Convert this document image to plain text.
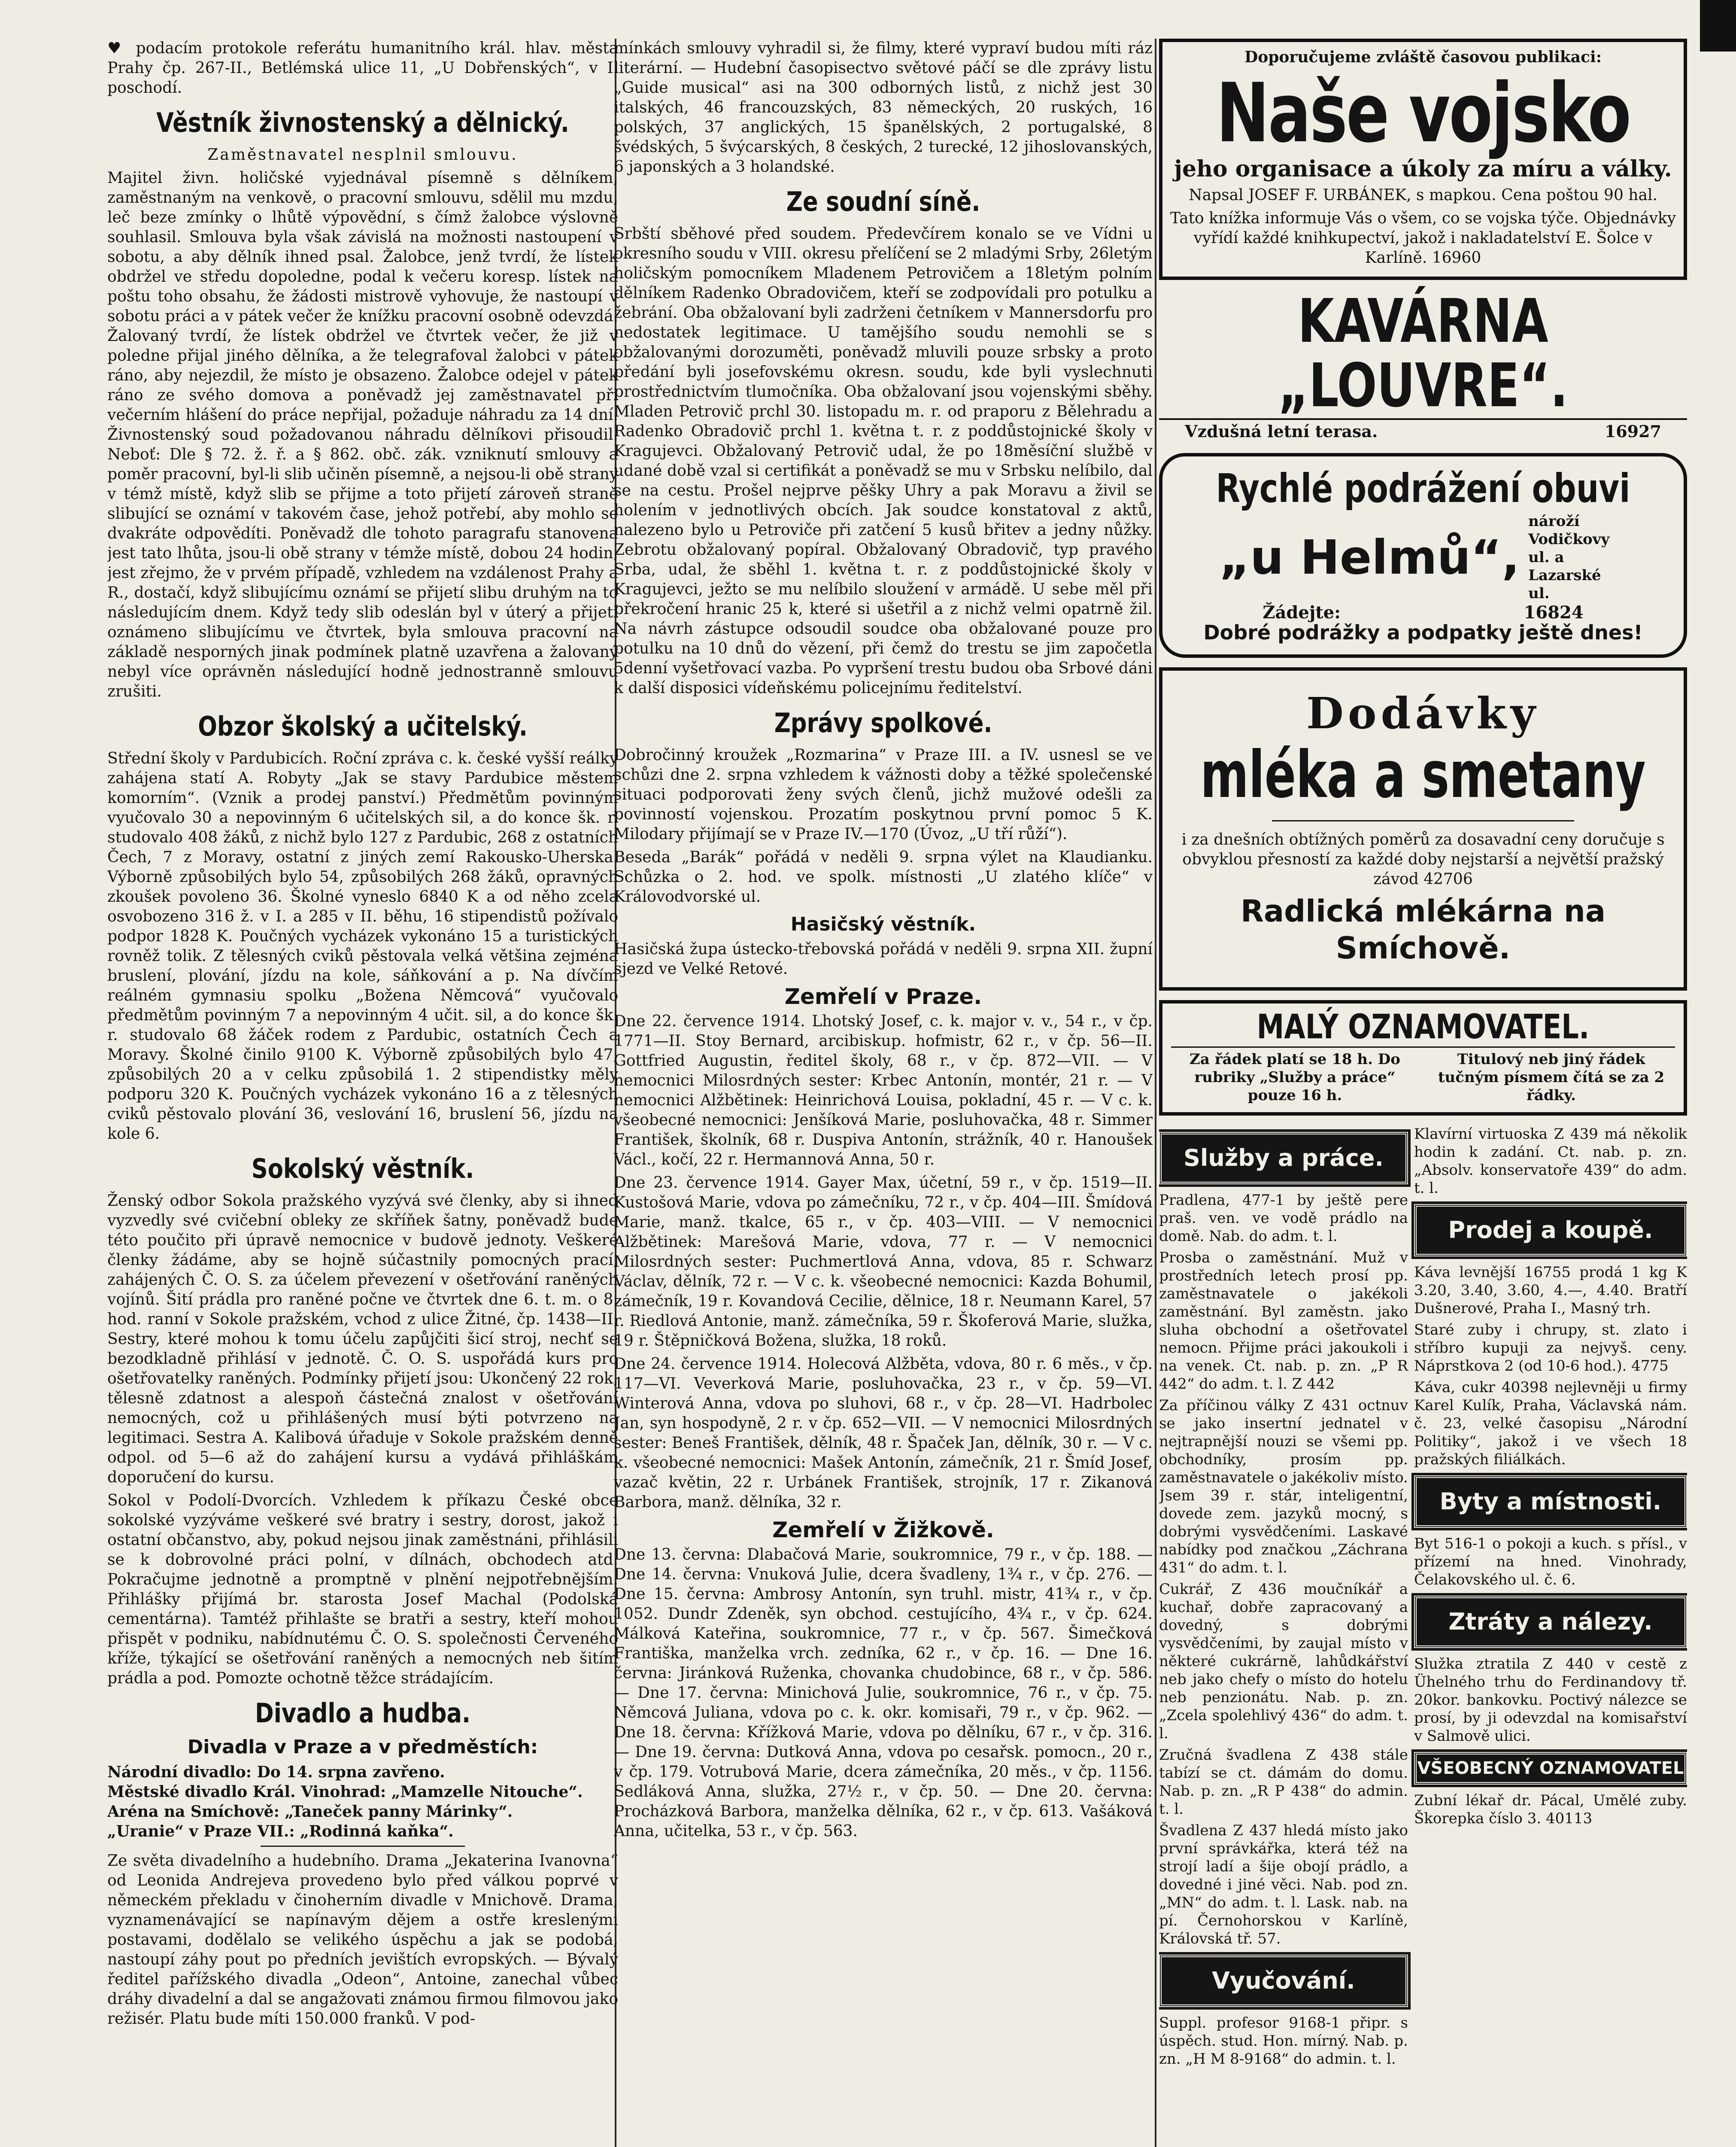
♥ podacím protokole referátu humanitního král. hlav. města Prahy čp. 267-II., Betlémská ulice 11, „U Dobřenských“, v I. poschodí.

Věstník živnostenský a dělnický.

Zaměstnavatel nesplnil smlouvu.

Majitel živn. holičské vyjednával písemně s dělníkem, zaměstnaným na venkově, o pracovní smlouvu, sdělil mu mzdu, leč beze zmínky o lhůtě výpovědní, s čímž žalobce výslovně souhlasil. Smlouva byla však závislá na možnosti nastoupení v sobotu, a aby dělník ihned psal. Žalobce, jenž tvrdí, že lístek obdržel ve středu dopoledne, podal k večeru koresp. lístek na poštu toho obsahu, že žádosti mistrově vyhovuje, že nastoupí v sobotu práci a v pátek večer že knížku pracovní osobně odevzdá. Žalovaný tvrdí, že lístek obdržel ve čtvrtek večer, že již v poledne přijal jiného dělníka, a že telegrafoval žalobci v pátek ráno, aby nejezdil, že místo je obsazeno. Žalobce odejel v pátek ráno ze svého domova a poněvadž jej zaměstnavatel při večerním hlášení do práce nepřijal, požaduje náhradu za 14 dní. Živnostenský soud požadovanou náhradu dělníkovi přisoudil. Neboť: Dle § 72. ž. ř. a § 862. obč. zák. vzniknutí smlouvy a poměr pracovní, byl-li slib učiněn písemně, a nejsou-li obě strany v témž místě, když slib se přijme a toto přijetí zároveň straně slibující se oznámí v takovém čase, jehož potřebí, aby mohlo se dvakráte odpovědíti. Poněvadž dle tohoto paragrafu stanovena jest tato lhůta, jsou-li obě strany v témže místě, dobou 24 hodin, jest zřejmo, že v prvém případě, vzhledem na vzdálenost Prahy a R., dostačí, když slibujícímu oznámí se přijetí slibu druhým na to následujícím dnem. Když tedy slib odeslán byl v úterý a přijetí oznámeno slibujícímu ve čtvrtek, byla smlouva pracovní na základě nesporných jinak podmínek platně uzavřena a žalovaný nebyl více oprávněn následující hodně jednostranně smlouvu zrušiti.

Obzor školský a učitelský.

Střední školy v Pardubicích. Roční zpráva c. k. české vyšší reálky zahájena statí A. Robyty „Jak se stavy Pardubice městem komorním“. (Vznik a prodej panství.) Předmětům povinným vyučovalo 30 a nepovinným 6 učitelských sil, a do konce šk. r. studovalo 408 žáků, z nichž bylo 127 z Pardubic, 268 z ostatních Čech, 7 z Moravy, ostatní z jiných zemí Rakousko-Uherska. Výborně způsobilých bylo 54, způsobilých 268 žáků, opravných zkoušek povoleno 36. Školné vyneslo 6840 K a od něho zcela osvobozeno 316 ž. v I. a 285 v II. běhu, 16 stipendistů požívalo podpor 1828 K. Poučných vycházek vykonáno 15 a turistických rovněž tolik. Z tělesných cviků pěstovala velká většina zejména bruslení, plování, jízdu na kole, sáňkování a p. Na dívčím reálném gymnasiu spolku „Božena Němcová“ vyučovalo předmětům povinným 7 a nepovinným 4 učit. sil, a do konce šk. r. studovalo 68 žáček rodem z Pardubic, ostatních Čech a Moravy. Školné činilo 9100 K. Výborně způsobilých bylo 47, způsobilých 20 a v celku způsobilá 1. 2 stipendistky měly podporu 320 K. Poučných vycházek vykonáno 16 a z tělesných cviků pěstovalo plování 36, veslování 16, bruslení 56, jízdu na kole 6.

Sokolský věstník.

Ženský odbor Sokola pražského vyzývá své členky, aby si ihned vyzvedly své cvičební obleky ze skříňek šatny, poněvadž bude této poučito při úpravě nemocnice v budově jednoty. Veškeré členky žádáme, aby se hojně súčastnily pomocných prací, zahájených Č. O. S. za účelem převezení v ošetřování raněných vojínů. Šití prádla pro raněné počne ve čtvrtek dne 6. t. m. o 8. hod. ranní v Sokole pražském, vchod z ulice Žitné, čp. 1438—II. Sestry, které mohou k tomu účelu zapůjčiti šicí stroj, nechť se bezodkladně přihlásí v jednotě. Č. O. S. uspořádá kurs pro ošetřovatelky raněných. Podmínky přijetí jsou: Ukončený 22 rok, tělesně zdatnost a alespoň částečná znalost v ošetřování nemocných, což u přihlášených musí býti potvrzeno na legitimaci. Sestra A. Kalibová úřaduje v Sokole pražském denně odpol. od 5—6 až do zahájení kursu a vydává přihláškám doporučení do kursu.

Sokol v Podolí-Dvorcích. Vzhledem k příkazu České obce sokolské vyzýváme veškeré své bratry i sestry, dorost, jakož i ostatní občanstvo, aby, pokud nejsou jinak zaměstnáni, přihlásili se k dobrovolné práci polní, v dílnách, obchodech atd. Pokračujme jednotně a promptně v plnění nejpotřebnějším. Přihlášky přijímá br. starosta Josef Machal (Podolská cementárna). Tamtéž přihlašte se bratři a sestry, kteří mohou přispět v podniku, nabídnutému Č. O. S. společnosti Červeného kříže, týkající se ošetřování raněných a nemocných neb šitím prádla a pod. Pomozte ochotně těžce strádajícím.

Divadlo a hudba.
Divadla v Praze a v předměstích:

Národní divadlo: Do 14. srpna zavřeno.

Městské divadlo Král. Vinohrad: „Mamzelle Nitouche“.

Aréna na Smíchově: „Taneček panny Márinky“.

„Uranie“ v Praze VII.: „Rodinná kaňka“.

Ze světa divadelního a hudebního. Drama „Jekaterina Ivanovna“ od Leonida Andrejeva provedeno bylo před válkou poprvé v německém překladu v činoherním divadle v Mnichově. Drama, vyznamenávající se napínavým dějem a ostře kreslenými postavami, dodělalo se velikého úspěchu a jak se podobá, nastoupí záhy pout po předních jevištích evropských. — Bývalý ředitel pařížského divadla „Odeon“, Antoine, zanechal vůbec dráhy divadelní a dal se angažovati známou firmou filmovou jako režisér. Platu bude míti 150.000 franků. V pod-

mínkách smlouvy vyhradil si, že filmy, které vypraví budou míti ráz literární. — Hudební časopisectvo světové páčí se dle zprávy listu „Guide musical“ asi na 300 odborných listů, z nichž jest 30 italských, 46 francouzských, 83 německých, 20 ruských, 16 polských, 37 anglických, 15 španělských, 2 portugalské, 8 švédských, 5 švýcarských, 8 českých, 2 turecké, 12 jihoslovanských, 6 japonských a 3 holandské.

Ze soudní síně.

Srbští sběhové před soudem. Předevčírem konalo se ve Vídni u okresního soudu v VIII. okresu přelíčení se 2 mladými Srby, 26letým holičským pomocníkem Mladenem Petrovičem a 18letým polním dělníkem Radenko Obradovičem, kteří se zodpovídali pro potulku a žebrání. Oba obžalovaní byli zadrženi četníkem v Mannersdorfu pro nedostatek legitimace. U tamějšího soudu nemohli se s obžalovanými dorozuměti, poněvadž mluvili pouze srbsky a proto předání byli josefovskému okresn. soudu, kde byli vyslechnuti prostřednictvím tlumočníka. Oba obžalovaní jsou vojenskými sběhy. Mladen Petrovič prchl 30. listopadu m. r. od praporu z Bělehradu a Radenko Obradovič prchl 1. května t. r. z poddůstojnické školy v Kragujevci. Obžalovaný Petrovič udal, že po 18měsíční službě v udané době vzal si certifikát a poněvadž se mu v Srbsku nelíbilo, dal se na cestu. Prošel nejprve pěšky Uhry a pak Moravu a živil se holením v jednotlivých obcích. Jak soudce konstatoval z aktů, nalezeno bylo u Petroviče při zatčení 5 kusů břitev a jedny nůžky. Zebrotu obžalovaný popíral. Obžalovaný Obradovič, typ pravého Srba, udal, že sběhl 1. května t. r. z poddůstojnické školy v Kragujevci, ježto se mu nelíbilo sloužení v armádě. U sebe měl při překročení hranic 25 k, které si ušetřil a z nichž velmi opatrně žil. Na návrh zástupce odsoudil soudce oba obžalované pouze pro potulku na 10 dnů do vězení, při čemž do trestu se jim započetla 5denní vyšetřovací vazba. Po vypršení trestu budou oba Srbové dáni k další disposici vídeňskému policejnímu ředitelství.

Zprávy spolkové.

Dobročinný kroužek „Rozmarina“ v Praze III. a IV. usnesl se ve schůzi dne 2. srpna vzhledem k vážnosti doby a těžké společenské situaci podporovati ženy svých členů, jichž mužové odešli za povinností vojenskou. Prozatím poskytnou první pomoc 5 K. Milodary přijímají se v Praze IV.—170 (Úvoz, „U tří růží“).

Beseda „Barák“ pořádá v neděli 9. srpna výlet na Klaudianku. Schůzka o 2. hod. ve spolk. místnosti „U zlatého klíče“ v Královodvorské ul.

Hasičský věstník.

Hasičská župa ústecko-třebovská pořádá v neděli 9. srpna XII. župní sjezd ve Velké Retové.

Zemřelí v Praze.

Dne 22. července 1914. Lhotský Josef, c. k. major v. v., 54 r., v čp. 1771—II. Stoy Bernard, arcibiskup. hofmistr, 62 r., v čp. 56—II. Gottfried Augustin, ředitel školy, 68 r., v čp. 872—VII. — V nemocnici Milosrdných sester: Krbec Antonín, montér, 21 r. — V nemocnici Alžbětinek: Heinrichová Louisa, pokladní, 45 r. — V c. k. všeobecné nemocnici: Jenšíková Marie, posluhovačka, 48 r. Simmer František, školník, 68 r. Duspiva Antonín, strážník, 40 r. Hanoušek Václ., kočí, 22 r. Hermannová Anna, 50 r.

Dne 23. července 1914. Gayer Max, účetní, 59 r., v čp. 1519—II. Kustošová Marie, vdova po zámečníku, 72 r., v čp. 404—III. Šmídová Marie, manž. tkalce, 65 r., v čp. 403—VIII. — V nemocnici Alžbětinek: Marešová Marie, vdova, 77 r. — V nemocnici Milosrdných sester: Puchmertlová Anna, vdova, 85 r. Schwarz Václav, dělník, 72 r. — V c. k. všeobecné nemocnici: Kazda Bohumil, zámečník, 19 r. Kovandová Cecilie, dělnice, 18 r. Neumann Karel, 57 r. Riedlová Antonie, manž. zámečníka, 59 r. Škoferová Marie, služka, 19 r. Štěpničková Božena, služka, 18 roků.

Dne 24. července 1914. Holecová Alžběta, vdova, 80 r. 6 měs., v čp. 117—VI. Veverková Marie, posluhovačka, 23 r., v čp. 59—VI. Winterová Anna, vdova po sluhovi, 68 r., v čp. 28—VI. Hadrbolec Jan, syn hospodyně, 2 r. v čp. 652—VII. — V nemocnici Milosrdných sester: Beneš František, dělník, 48 r. Špaček Jan, dělník, 30 r. — V c. k. všeobecné nemocnici: Mašek Antonín, zámečník, 21 r. Šmíd Josef, vazač květin, 22 r. Urbánek František, strojník, 17 r. Zikanová Barbora, manž. dělníka, 32 r.

Zemřelí v Žižkově.

Dne 13. června: Dlabačová Marie, soukromnice, 79 r., v čp. 188. — Dne 14. června: Vnuková Julie, dcera švadleny, 1¾ r., v čp. 276. — Dne 15. června: Ambrosy Antonín, syn truhl. mistr, 41¾ r., v čp. 1052. Dundr Zdeněk, syn obchod. cestujícího, 4¾ r., v čp. 624. Málková Kateřina, soukromnice, 77 r., v čp. 567. Šimečková Františka, manželka vrch. zedníka, 62 r., v čp. 16. — Dne 16. června: Jiránková Ruženka, chovanka chudobince, 68 r., v čp. 586. — Dne 17. června: Minichová Julie, soukromnice, 76 r., v čp. 75. Němcová Juliana, vdova po c. k. okr. komisaři, 79 r., v čp. 962. — Dne 18. června: Křížková Marie, vdova po dělníku, 67 r., v čp. 316. — Dne 19. června: Dutková Anna, vdova po cesařsk. pomocn., 20 r., v čp. 179. Votrubová Marie, dcera zámečníka, 20 měs., v čp. 1156. Sedláková Anna, služka, 27½ r., v čp. 50. — Dne 20. června: Procházková Barbora, manželka dělníka, 62 r., v čp. 613. Vašáková Anna, učitelka, 53 r., v čp. 563.

Doporučujeme zvláště časovou publikaci:

Naše vojsko

jeho organisace a úkoly za míru a války.

Napsal JOSEF F. URBÁNEK, s mapkou. Cena poštou 90 hal.

Tato knížka informuje Vás o všem, co se vojska týče. Objednávky vyřídí každé knihkupectví, jakož i nakladatelství E. Šolce v Karlíně. 16960

KAVÁRNA „LOUVRE“.
Vzdušná letní terasa.	16927
Rychlé podrážení obuvi
„u Helmů“,
nároží Vodičkovy ul. a Lazarské ul.
Žádejte:	16824

Dobré podrážky a podpatky ještě dnes!

Dodávky
mléka a smetany

i za dnešních obtížných poměrů za dosavadní ceny doručuje s obvyklou přesností za každé doby nejstarší a největší pražský závod 42706

Radlická mlékárna na Smíchově.

MALÝ OZNAMOVATEL.

Za řádek platí se 18 h. Do rubriky „Služby a práce“ pouze 16 h.

Titulový neb jiný řádek tučným písmem čítá se za 2 řádky.

Služby a práce.

Pradlena, 477-1 by ještě pere praš. ven. ve vodě prádlo na domě. Nab. do adm. t. l.

Prosba o zaměstnání. Muž v prostředních letech prosí pp. zaměstnavatele o jakékoli zaměstnání. Byl zaměstn. jako sluha obchodní a ošetřovatel nemocn. Přijme práci jakoukoli i na venek. Ct. nab. p. zn. „P R 442“ do adm. t. l. Z 442

Za příčinou války Z 431 octnuv se jako insertní jednatel v nejtrapnější nouzi se všemi pp. obchodníky, prosím pp. zaměstnavatele o jakékoliv místo. Jsem 39 r. stár, inteligentní, dovede zem. jazyků mocný, s dobrými vysvědčeními. Laskavé nabídky pod značkou „Záchrana 431“ do adm. t. l.

Cukrář, Z 436 moučníkář a kuchař, dobře zapracovaný a dovedný, s dobrými vysvědčeními, by zaujal místo v některé cukrárně, lahůdkářství neb jako chefy o místo do hotelu neb penzionátu. Nab. p. zn. „Zcela spolehlivý 436“ do adm. t. l.

Zručná švadlena Z 438 stále tabízí se ct. dámám do domu. Nab. p. zn. „R P 438“ do admin. t. l.

Švadlena Z 437 hledá místo jako první správkářka, která též na strojí ladí a šije obojí prádlo, a dovedné i jiné věci. Nab. pod zn. „MN“ do adm. t. l. Lask. nab. na pí. Černohorskou v Karlíně, Královská tř. 57.

Vyučování.

Suppl. profesor 9168-1 připr. s úspěch. stud. Hon. mírný. Nab. p. zn. „H M 8-9168“ do admin. t. l.

Klavírní virtuoska Z 439 má několik hodin k zadání. Ct. nab. p. zn. „Absolv. konservatoře 439“ do adm. t. l.

Prodej a koupě.

Káva levnější 16755 prodá 1 kg K 3.20, 3.40, 3.60, 4.—, 4.40. Bratří Dušnerové, Praha I., Masný trh.

Staré zuby i chrupy, st. zlato i stříbro kupuji za nejvyš. ceny. Náprstkova 2 (od 10-6 hod.). 4775

Káva, cukr 40398 nejlevněji u firmy Karel Kulík, Praha, Václavská nám. č. 23, velké časopisu „Národní Politiky“, jakož i ve všech 18 pražských filiálkách.

Byty a místnosti.

Byt 516-1 o pokoji a kuch. s přísl., v přízemí na hned. Vinohrady, Čelakovského ul. č. 6.

Ztráty a nálezy.

Služka ztratila Z 440 v cestě z Ühelného trhu do Ferdinandovy tř. 20kor. bankovku. Poctivý nálezce se prosí, by ji odevzdal na komisařství v Salmově ulici.

VŠEOBECNÝ OZNAMOVATEL

Zubní lékař dr. Pácal, Umělé zuby. Škorepka číslo 3. 40113
